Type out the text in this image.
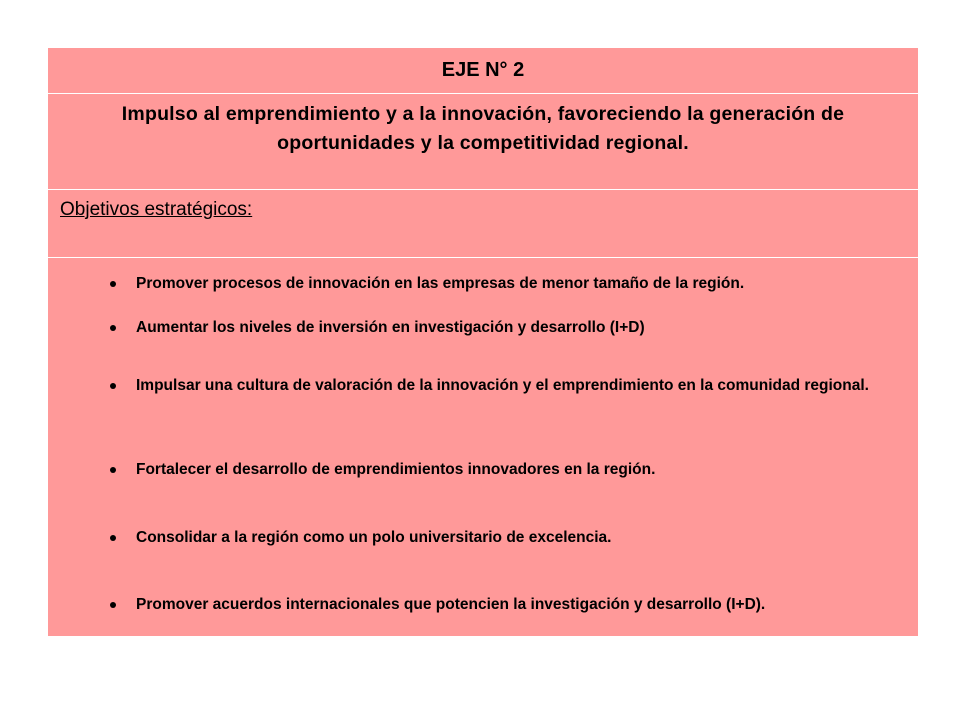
EJE N° 2
Impulso al emprendimiento y a la innovación, favoreciendo la generación de oportunidades y la competitividad regional.
Objetivos estratégicos:
Promover procesos de innovación en las empresas de menor tamaño de la región.
Aumentar los niveles de inversión en investigación y desarrollo (I+D)
Impulsar una cultura de valoración de la innovación y el emprendimiento en la comunidad regional.
Fortalecer el desarrollo de emprendimientos innovadores en la región.
Consolidar a la región como un polo universitario de excelencia.
Promover acuerdos internacionales que potencien la investigación y desarrollo (I+D).
